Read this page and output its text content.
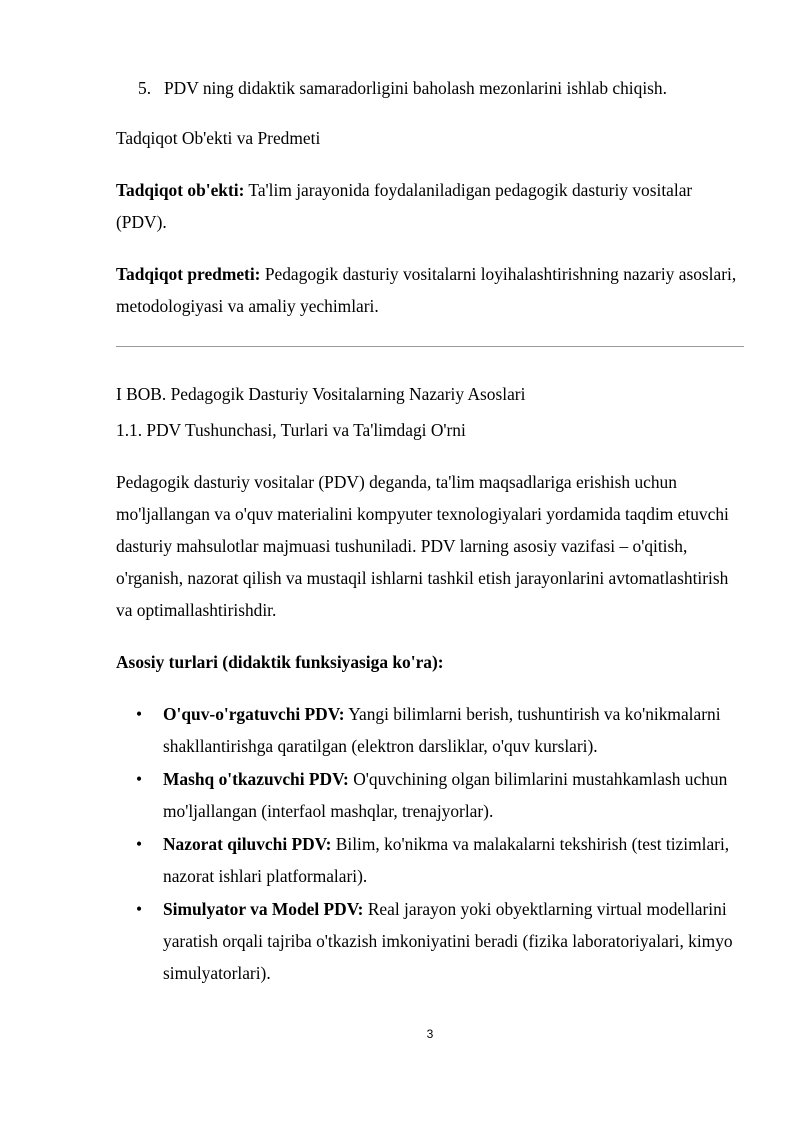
5. PDV ning didaktik samaradorligini baholash mezonlarini ishlab chiqish.

Tadqiqot Ob'ekti va Predmeti

Tadqiqot ob'ekti: Ta'lim jarayonida foydalaniladigan pedagogik dasturiy vositalar (PDV).

Tadqiqot predmeti: Pedagogik dasturiy vositalarni loyihalashtirishning nazariy asoslari, metodologiyasi va amaliy yechimlari.

I BOB. Pedagogik Dasturiy Vositalarning Nazariy Asoslari

1.1. PDV Tushunchasi, Turlari va Ta'limdagi O'rni

Pedagogik dasturiy vositalar (PDV) deganda, ta'lim maqsadlariga erishish uchun mo'ljallangan va o'quv materialini kompyuter texnologiyalari yordamida taqdim etuvchi dasturiy mahsulotlar majmuasi tushuniladi. PDV larning asosiy vazifasi – o'qitish, o'rganish, nazorat qilish va mustaqil ishlarni tashkil etish jarayonlarini avtomatlashtirish va optimallashtirishdir.

Asosiy turlari (didaktik funksiyasiga ko'ra):

• O'quv-o'rgatuvchi PDV: Yangi bilimlarni berish, tushuntirish va ko'nikmalarni shakllantirishga qaratilgan (elektron darsliklar, o'quv kurslari).
• Mashq o'tkazuvchi PDV: O'quvchining olgan bilimlarini mustahkamlash uchun mo'ljallangan (interfaol mashqlar, trenajyorlar).
• Nazorat qiluvchi PDV: Bilim, ko'nikma va malakalarni tekshirish (test tizimlari, nazorat ishlari platformalari).
• Simulyator va Model PDV: Real jarayon yoki obyektlarning virtual modellarini yaratish orqali tajriba o'tkazish imkoniyatini beradi (fizika laboratoriyalari, kimyo simulyatorlari).
3
